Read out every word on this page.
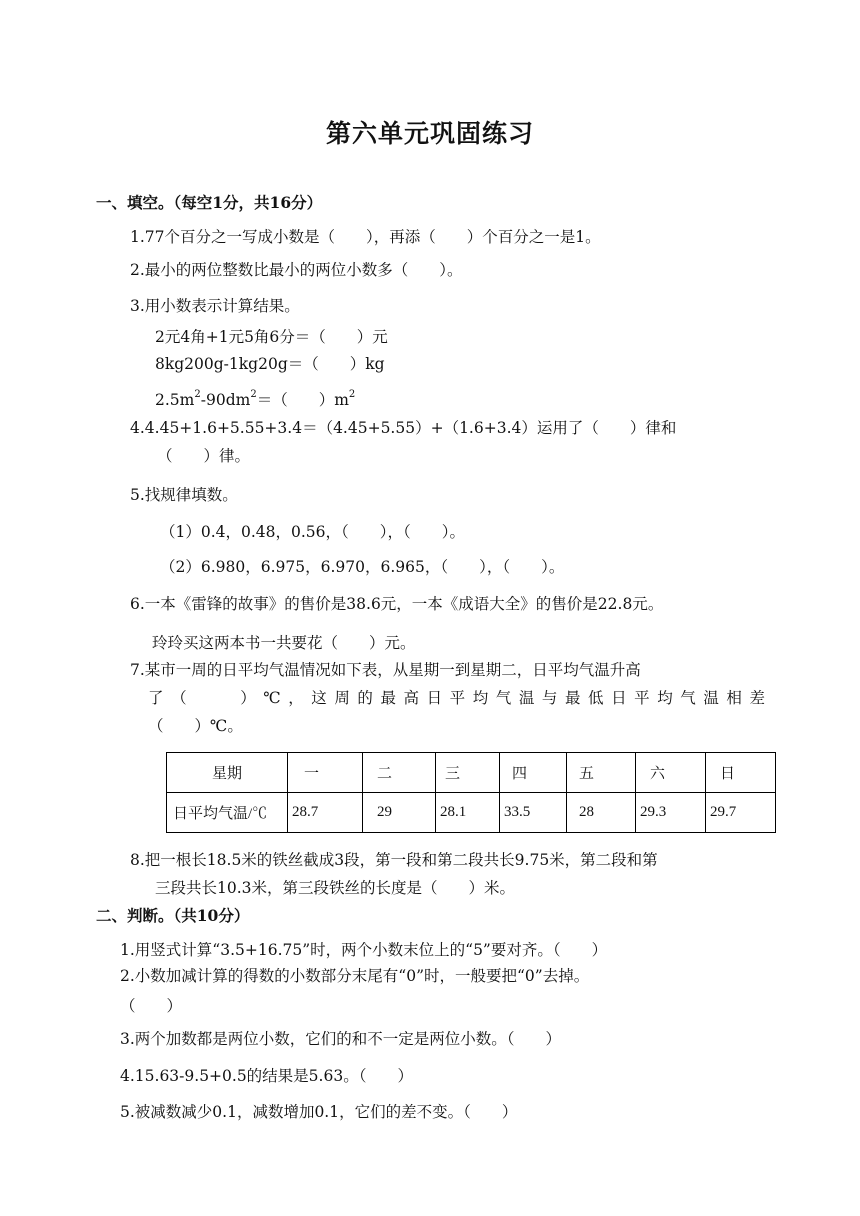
第六单元巩固练习
一、填空。（每空1分，共16分）
1.77个百分之一写成小数是（　　），再添（　　）个百分之一是1。
2.最小的两位整数比最小的两位小数多（　　）。
3.用小数表示计算结果。
2元4角+1元5角6分＝（　　）元
8kg200g-1kg20g＝（　　）kg
$2.5m^2-90dm^2=$（　　）$m^2$
4.4.45+1.6+5.55+3.4＝（4.45+5.55）+（1.6+3.4）运用了（　　）律和
（　　）律。
5.找规律填数。
（1）0.4，0.48，0.56，（　　），（　　）。
（2）6.980，6.975，6.970，6.965，（　　），（　　）。
6.一本《雷锋的故事》的售价是38.6元，一本《成语大全》的售价是22.8元。
玲玲买这两本书一共要花（　　）元。
7.某市一周的日平均气温情况如下表，从星期一到星期二，日平均气温升高
了（　　）℃，这周的最高日平均气温与最低日平均气温相差
（　　）℃。
星期	一	二	三	四	五	六	日
日平均气温/℃	28.7	29	28.1	33.5	28	29.3	29.7
8.把一根长18.5米的铁丝截成3段，第一段和第二段共长9.75米，第二段和第
三段共长10.3米，第三段铁丝的长度是（　　）米。
二、判断。（共10分）
1.用竖式计算“3.5+16.75”时，两个小数末位上的“5”要对齐。（　　）
2.小数加减计算的得数的小数部分末尾有“0”时，一般要把“0”去掉。
（　　）
3.两个加数都是两位小数，它们的和不一定是两位小数。（　　）
4.15.63-9.5+0.5的结果是5.63。（　　）
5.被减数减少0.1，减数增加0.1，它们的差不变。（　　）
